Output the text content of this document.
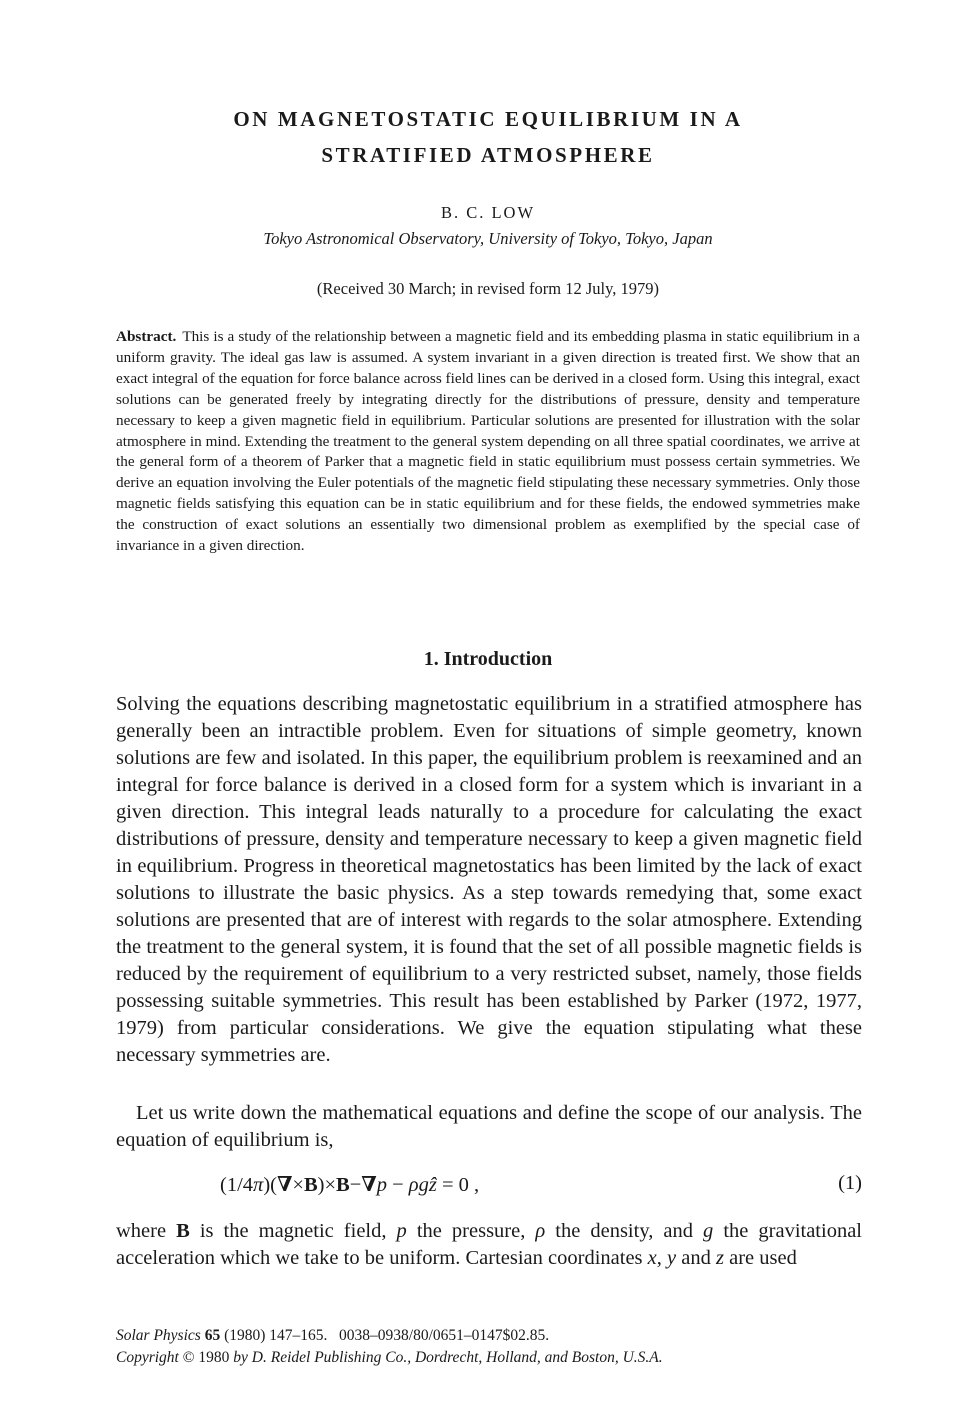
ON MAGNETOSTATIC EQUILIBRIUM IN A
STRATIFIED ATMOSPHERE
B. C. LOW
Tokyo Astronomical Observatory, University of Tokyo, Tokyo, Japan
(Received 30 March; in revised form 12 July, 1979)

Abstract. This is a study of the relationship between a magnetic field and its embedding plasma in static equilibrium in a uniform gravity. The ideal gas law is assumed. A system invariant in a given direction is treated first. We show that an exact integral of the equation for force balance across field lines can be derived in a closed form. Using this integral, exact solutions can be generated freely by integrating directly for the distributions of pressure, density and temperature necessary to keep a given magnetic field in equilibrium. Particular solutions are presented for illustration with the solar atmosphere in mind. Extending the treatment to the general system depending on all three spatial coordinates, we arrive at the general form of a theorem of Parker that a magnetic field in static equilibrium must possess certain symmetries. We derive an equation involving the Euler potentials of the magnetic field stipulating these necessary symmetries. Only those magnetic fields satisfying this equation can be in static equilibrium and for these fields, the endowed symmetries make the construction of exact solutions an essentially two dimensional problem as exemplified by the special case of invariance in a given direction.

1. Introduction

Solving the equations describing magnetostatic equilibrium in a stratified atmosphere has generally been an intractible problem. Even for situations of simple geometry, known solutions are few and isolated. In this paper, the equilibrium problem is reexamined and an integral for force balance is derived in a closed form for a system which is invariant in a given direction. This integral leads naturally to a procedure for calculating the exact distributions of pressure, density and temperature necessary to keep a given magnetic field in equilibrium. Progress in theoretical magnetostatics has been limited by the lack of exact solutions to illustrate the basic physics. As a step towards remedying that, some exact solutions are presented that are of interest with regards to the solar atmosphere. Extending the treatment to the general system, it is found that the set of all possible magnetic fields is reduced by the requirement of equilibrium to a very restricted subset, namely, those fields possessing suitable symmetries. This result has been established by Parker (1972, 1977, 1979) from particular considerations. We give the equation stipulating what these necessary symmetries are.

Let us write down the mathematical equations and define the scope of our analysis. The equation of equilibrium is,

(1/4π)(∇×B)×B−∇p − ρgẑ = 0 ,	(1)

where B is the magnetic field, p the pressure, ρ the density, and g the gravitational acceleration which we take to be uniform. Cartesian coordinates x, y and z are used

Solar Physics 65 (1980) 147–165. 0038–0938/80/0651–0147$02.85.
Copyright © 1980 by D. Reidel Publishing Co., Dordrecht, Holland, and Boston, U.S.A.
